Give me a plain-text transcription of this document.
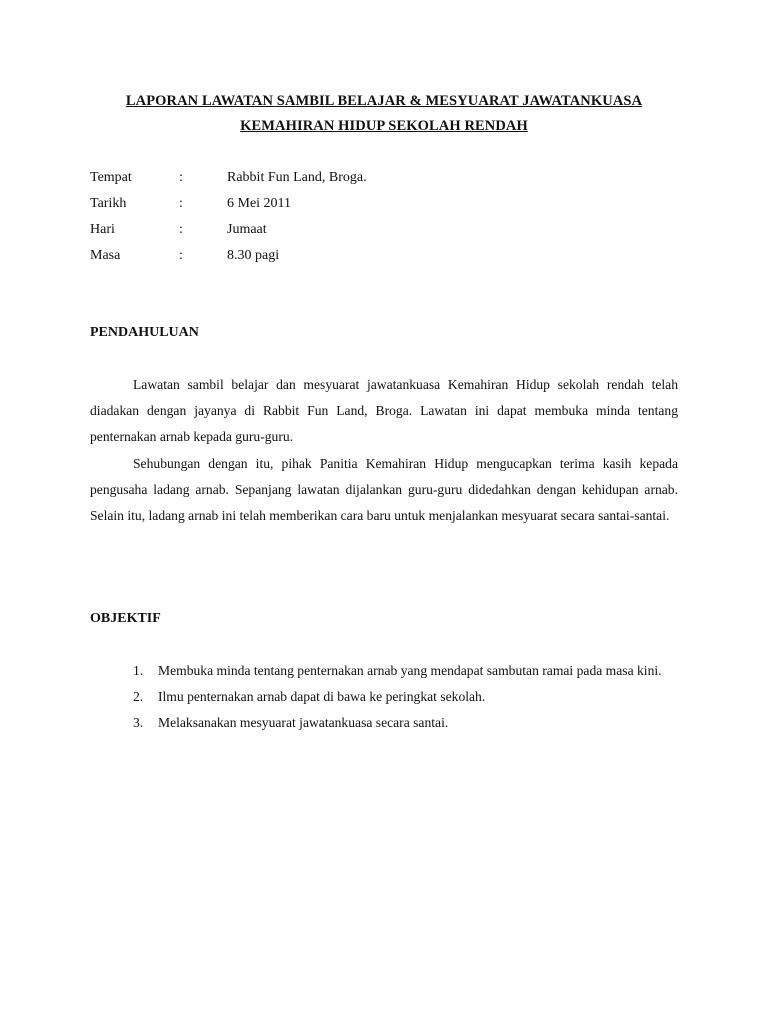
LAPORAN LAWATAN SAMBIL BELAJAR & MESYUARAT JAWATANKUASA
KEMAHIRAN HIDUP SEKOLAH RENDAH
Tempat	:	Rabbit Fun Land, Broga.
Tarikh	:	6 Mei 2011
Hari	:	Jumaat
Masa	:	8.30 pagi
PENDAHULUAN

Lawatan sambil belajar dan mesyuarat jawatankuasa Kemahiran Hidup sekolah rendah telah diadakan dengan jayanya di Rabbit Fun Land, Broga. Lawatan ini dapat membuka minda tentang penternakan arnab kepada guru-guru.

Sehubungan dengan itu, pihak Panitia Kemahiran Hidup mengucapkan terima kasih kepada pengusaha ladang arnab. Sepanjang lawatan dijalankan guru-guru didedahkan dengan kehidupan arnab. Selain itu, ladang arnab ini telah memberikan cara baru untuk menjalankan mesyuarat secara santai-santai.

OBJEKTIF
1. Membuka minda tentang penternakan arnab yang mendapat sambutan ramai pada masa kini.
2. Ilmu penternakan arnab dapat di bawa ke peringkat sekolah.
3. Melaksanakan mesyuarat jawatankuasa secara santai.
